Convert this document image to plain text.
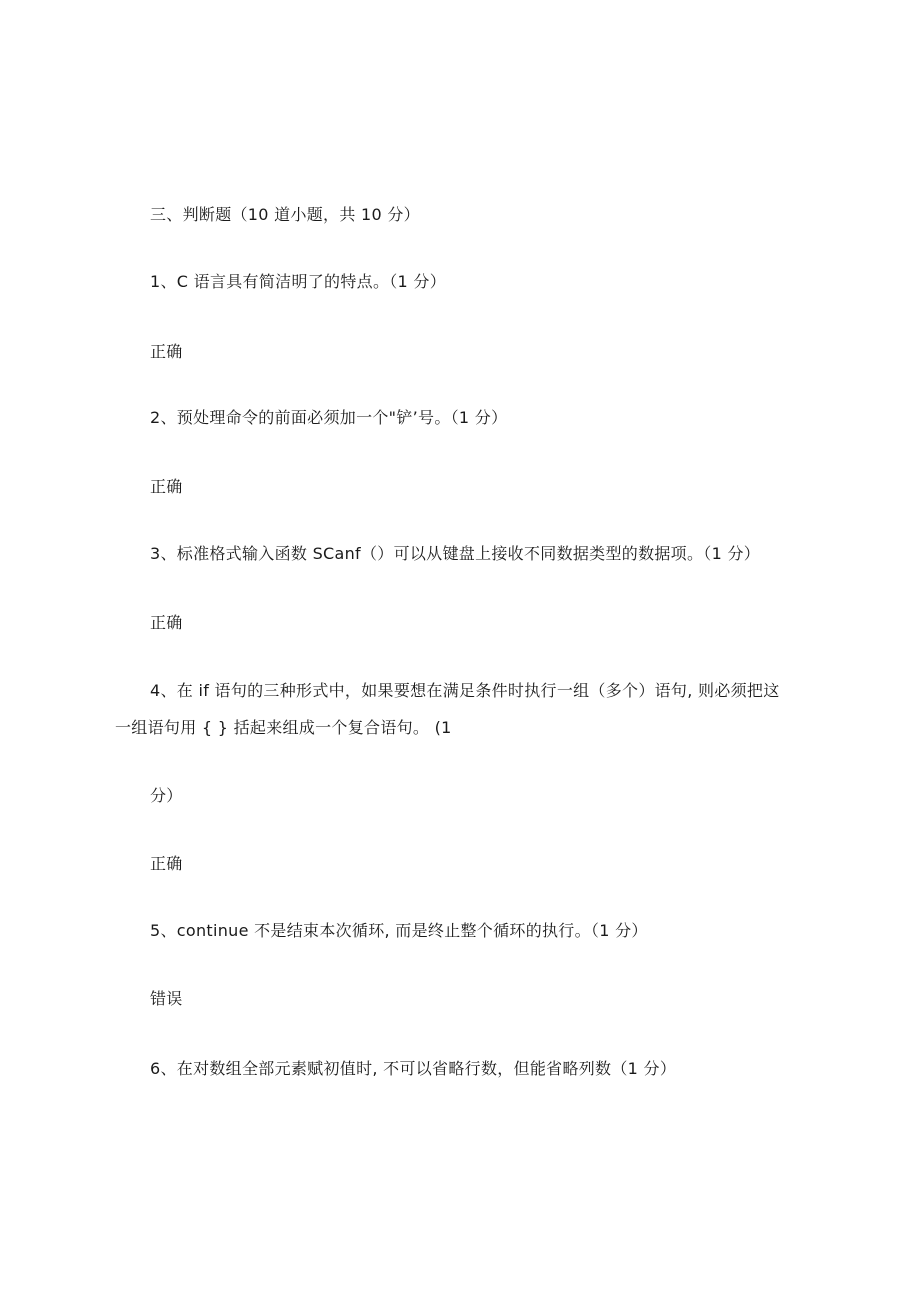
三、判断题（10 道小题，共 10 分）
1、C 语言具有简洁明了的特点。（1 分）
正确
2、预处理命令的前面必须加一个"铲’号。（1 分）
正确
3、标准格式输入函数 SCanf（）可以从键盘上接收不同数据类型的数据项。（1 分）
正确
4、在 if 语句的三种形式中，如果要想在满足条件时执行一组（多个）语句, 则必须把这
一组语句用 { } 括起来组成一个复合语句。 (1
分）
正确
5、continue 不是结束本次循环, 而是终止整个循环的执行。（1 分）
错误
6、在对数组全部元素赋初值时, 不可以省略行数，但能省略列数（1 分）
